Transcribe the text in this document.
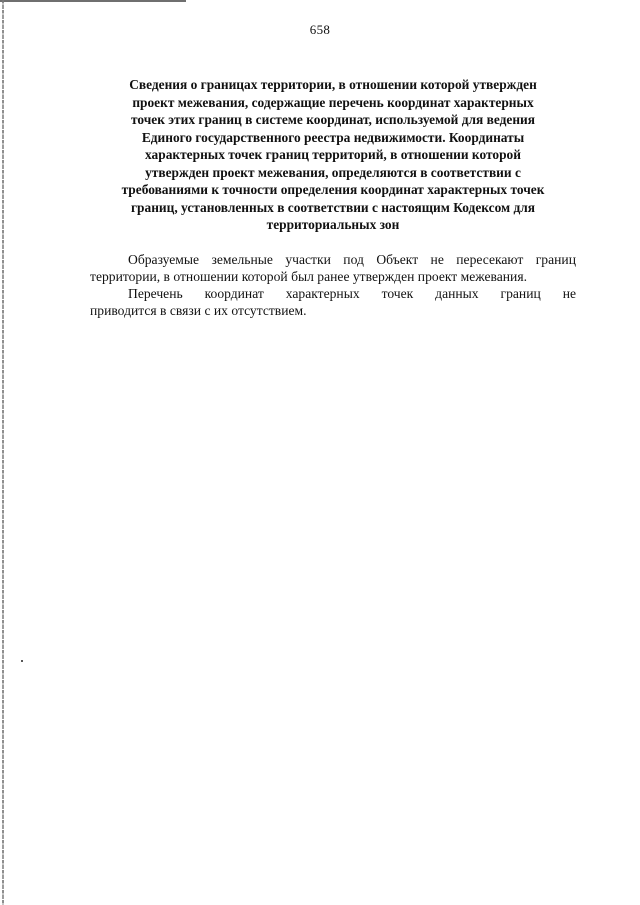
658
Сведения о границах территории, в отношении которой утвержден
проект межевания, содержащие перечень координат характерных
точек этих границ в системе координат, используемой для ведения
Единого государственного реестра недвижимости. Координаты
характерных точек границ территорий, в отношении которой
утвержден проект межевания, определяются в соответствии с
требованиями к точности определения координат характерных точек
границ, установленных в соответствии с настоящим Кодексом для
территориальных зон
Образуемые земельные участки под Объект не пересекают границ
территории, в отношении которой был ранее утвержден проект межевания.
Перечень координат характерных точек данных границ не
приводится в связи с их отсутствием.
